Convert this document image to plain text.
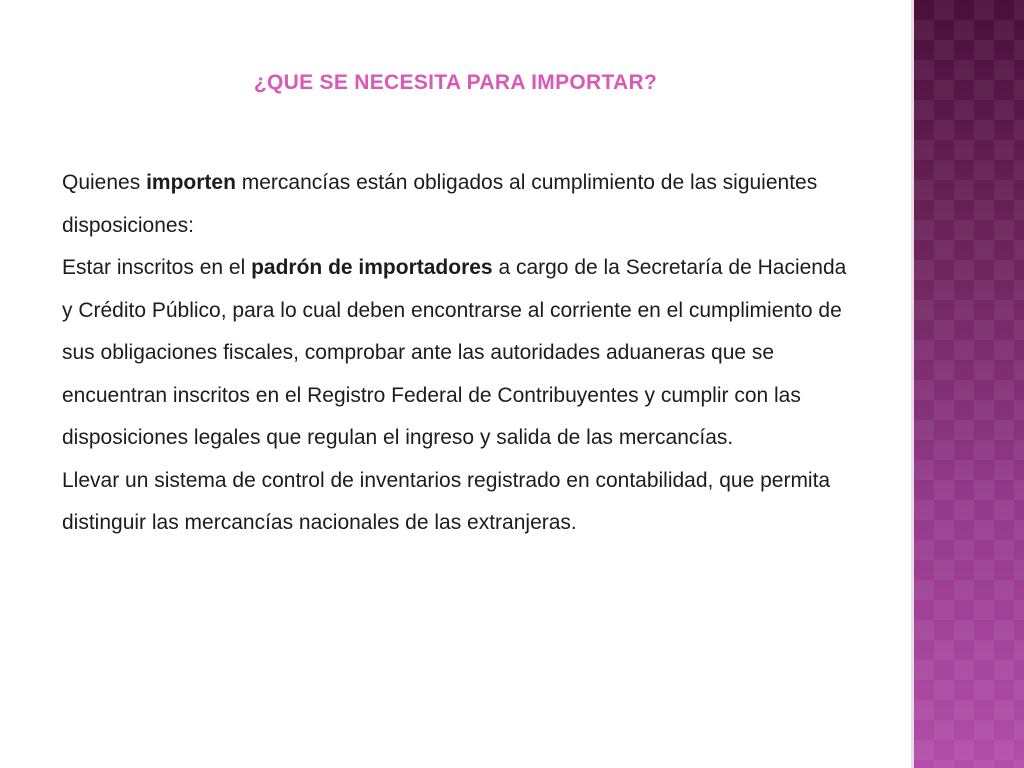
¿QUE SE NECESITA PARA IMPORTAR?

Quienes importen mercancías están obligados al cumplimiento de las siguientes disposiciones:

Estar inscritos en el padrón de importadores a cargo de la Secretaría de Hacienda y Crédito Público, para lo cual deben encontrarse al corriente en el cumplimiento de sus obligaciones fiscales, comprobar ante las autoridades aduaneras que se encuentran inscritos en el Registro Federal de Contribuyentes y cumplir con las disposiciones legales que regulan el ingreso y salida de las mercancías.

Llevar un sistema de control de inventarios registrado en contabilidad, que permita distinguir las mercancías nacionales de las extranjeras.
